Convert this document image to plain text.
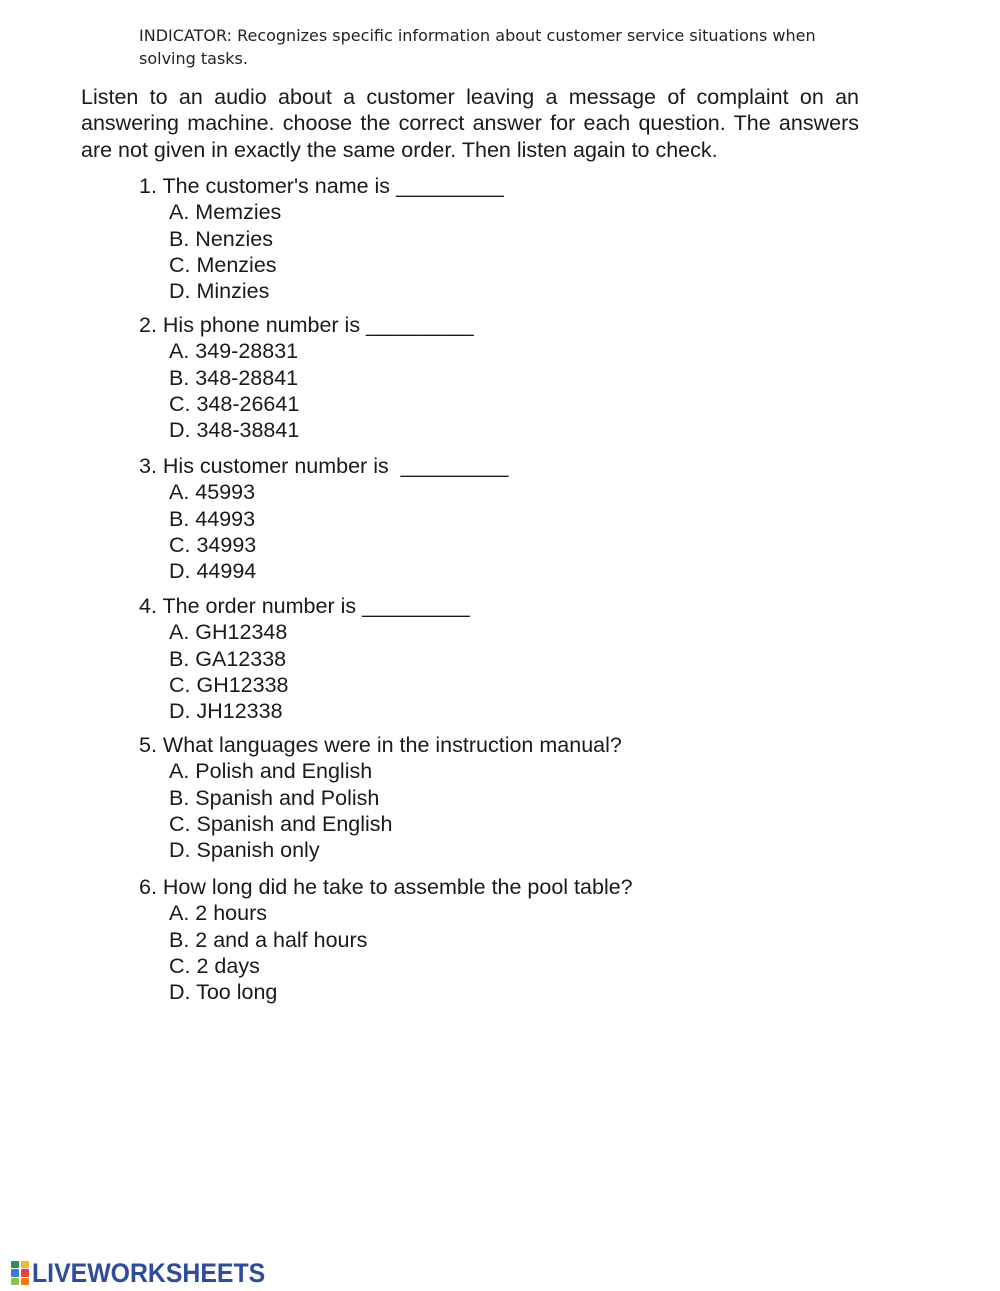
INDICATOR: Recognizes specific information about customer service situations when solving tasks.
Listen to an audio about a customer leaving a message of complaint on an answering machine. choose the correct answer for each question. The answers are not given in exactly the same order. Then listen again to check.
1. The customer's name is _________
A. Memzies
B. Nenzies
C. Menzies
D. Minzies
2. His phone number is _________
A. 349-28831
B. 348-28841
C. 348-26641
D. 348-38841
3. His customer number is  _________
A. 45993
B. 44993
C. 34993
D. 44994
4. The order number is _________
A. GH12348
B. GA12338
C. GH12338
D. JH12338
5. What languages were in the instruction manual?
A. Polish and English
B. Spanish and Polish
C. Spanish and English
D. Spanish only
6. How long did he take to assemble the pool table?
A. 2 hours
B. 2 and a half hours
C. 2 days
D. Too long
LIVEWORKSHEETS
